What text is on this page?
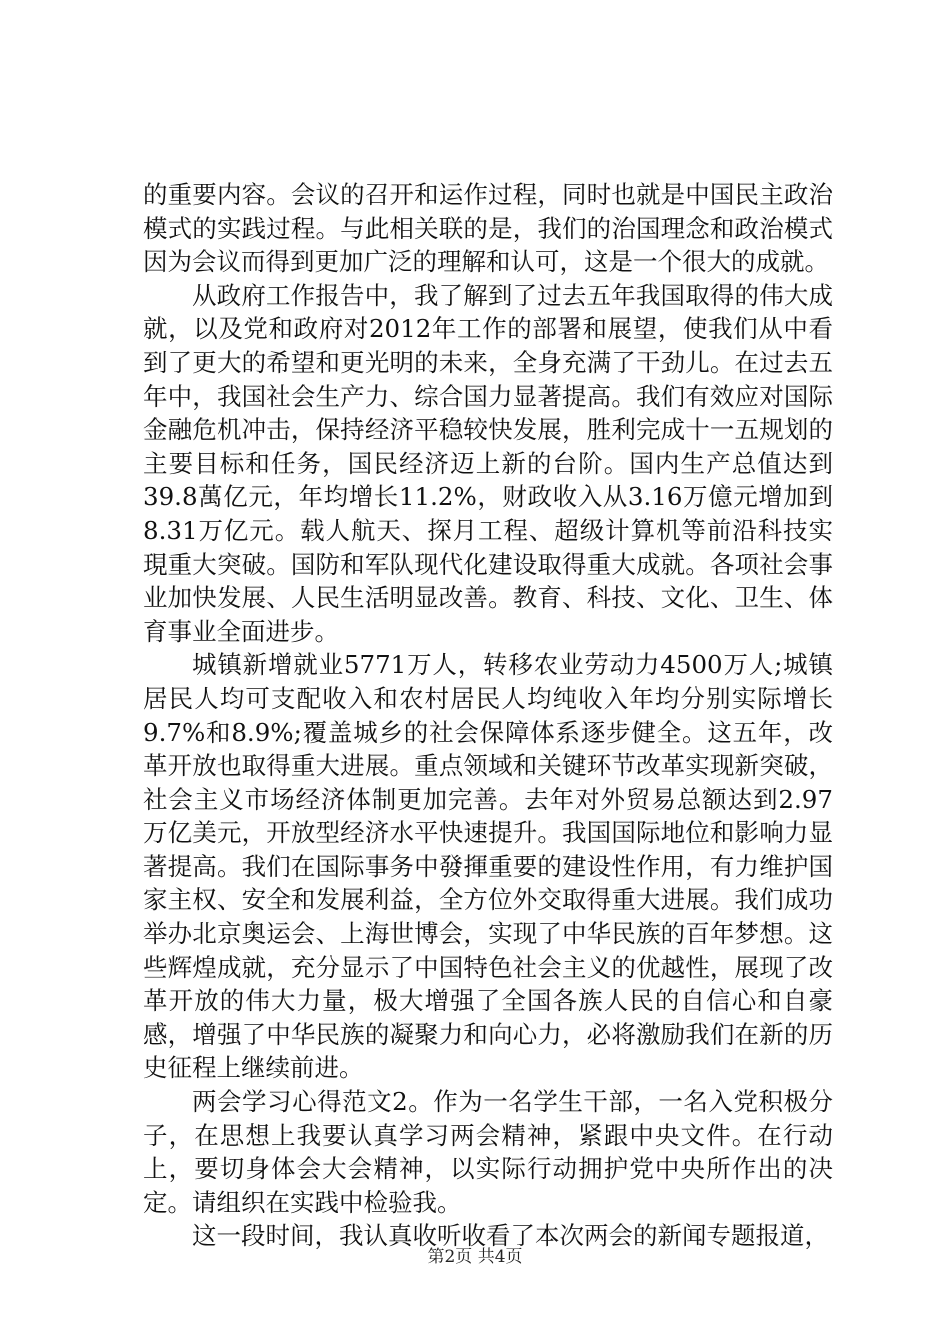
的重要内容。会议的召开和运作过程，同时也就是中国民主政治模式的实践过程。与此相关联的是，我们的治国理念和政治模式因为会议而得到更加广泛的理解和认可，这是一个很大的成就。

从政府工作报告中，我了解到了过去五年我国取得的伟大成就，以及党和政府对2012年工作的部署和展望，使我们从中看到了更大的希望和更光明的未来，全身充满了干劲儿。在过去五年中，我国社会生产力、综合国力显著提高。我们有效应对国际金融危机冲击，保持经济平稳较快发展，胜利完成十一五规划的主要目标和任务，国民经济迈上新的台阶。国内生产总值达到39.8萬亿元，年均增长11.2%，财政收入从3.16万億元增加到8.31万亿元。载人航天、探月工程、超级计算机等前沿科技实現重大突破。国防和军队现代化建设取得重大成就。各项社会事业加快发展、人民生活明显改善。教育、科技、文化、卫生、体育事业全面进步。

城镇新增就业5771万人，转移农业劳动力4500万人;城镇居民人均可支配收入和农村居民人均纯收入年均分别实际增长9.7%和8.9%;覆盖城乡的社会保障体系逐步健全。这五年，改革开放也取得重大进展。重点领域和关键环节改革实现新突破，社会主义市场经济体制更加完善。去年对外贸易总额达到2.97万亿美元，开放型经济水平快速提升。我国国际地位和影响力显著提高。我们在国际事务中發揮重要的建设性作用，有力维护国家主权、安全和发展利益，全方位外交取得重大进展。我们成功举办北京奥运会、上海世博会，实现了中华民族的百年梦想。这些辉煌成就，充分显示了中国特色社会主义的优越性，展现了改革开放的伟大力量，极大增强了全国各族人民的自信心和自豪感，增强了中华民族的凝聚力和向心力，必将激励我们在新的历史征程上继续前进。

两会学习心得范文2。作为一名学生干部，一名入党积极分子，在思想上我要认真学习两会精神，紧跟中央文件。在行动上，要切身体会大会精神，以实际行动拥护党中央所作出的决定。请组织在实践中检验我。

这一段时间，我认真收听收看了本次两会的新闻专题报道，

第2页 共4页
